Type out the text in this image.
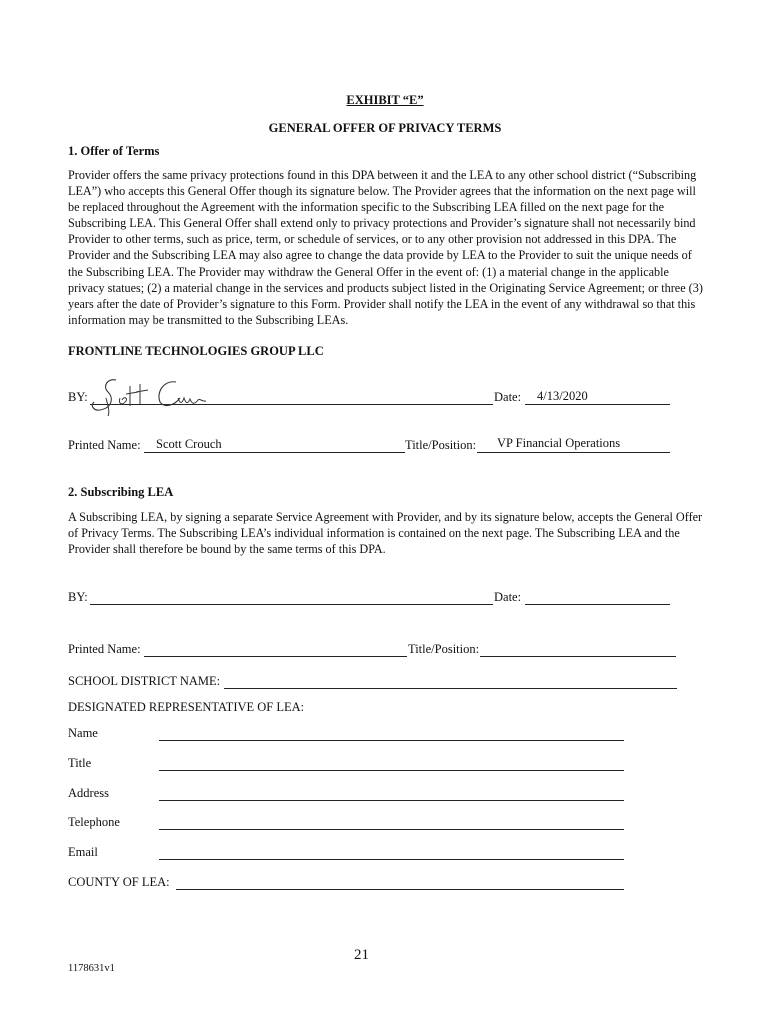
EXHIBIT “E”
GENERAL OFFER OF PRIVACY TERMS
1. Offer of Terms
Provider offers the same privacy protections found in this DPA between it and the LEA to any other school district (“Subscribing LEA”) who accepts this General Offer though its signature below. The Provider agrees that the information on the next page will be replaced throughout the Agreement with the information specific to the Subscribing LEA filled on the next page for the Subscribing LEA. This General Offer shall extend only to privacy protections and Provider’s signature shall not necessarily bind Provider to other terms, such as price, term, or schedule of services, or to any other provision not addressed in this DPA. The Provider and the Subscribing LEA may also agree to change the data provide by LEA to the Provider to suit the unique needs of the Subscribing LEA. The Provider may withdraw the General Offer in the event of: (1) a material change in the applicable privacy statues; (2) a material change in the services and products subject listed in the Originating Service Agreement; or three (3) years after the date of Provider’s signature to this Form. Provider shall notify the LEA in the event of any withdrawal so that this information may be transmitted to the Subscribing LEAs.
FRONTLINE TECHNOLOGIES GROUP LLC
BY:	Date: 4/13/2020
Printed Name: Scott Crouch	Title/Position: VP Financial Operations
2. Subscribing LEA
A Subscribing LEA, by signing a separate Service Agreement with Provider, and by its signature below, accepts the General Offer of Privacy Terms. The Subscribing LEA’s individual information is contained on the next page. The Subscribing LEA and the Provider shall therefore be bound by the same terms of this DPA.
BY:	Date:
Printed Name:	Title/Position:
SCHOOL DISTRICT NAME:
DESIGNATED REPRESENTATIVE OF LEA:
Name
Title
Address
Telephone
Email
COUNTY OF LEA:
21
1178631v1
